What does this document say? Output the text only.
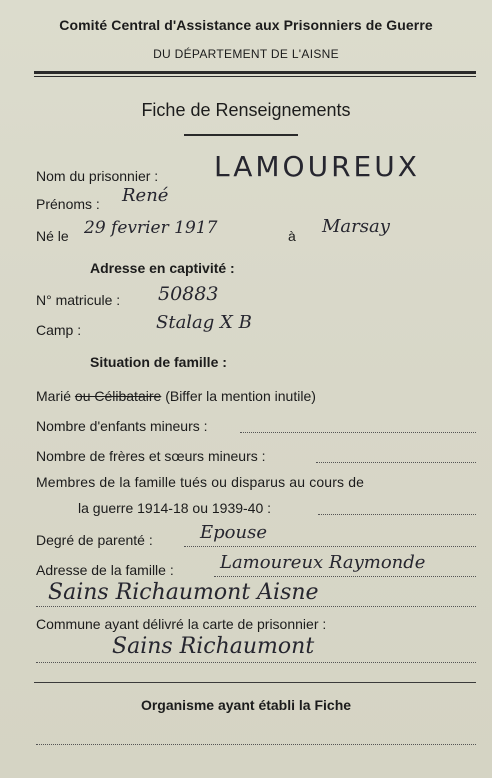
Comité Central d'Assistance aux Prisonniers de Guerre
DU DÉPARTEMENT DE L'AISNE
Fiche de Renseignements
Nom du prisonnier : LAMOUREUX
Prénoms : René
Né le 29 fevrier 1917	à Marsay
Adresse en captivité :
N° matricule : 50883
Camp :	Stalag X B
Situation de famille :
Marié ou Célibataire (Biffer la mention inutile)
Nombre d'enfants mineurs :
Nombre de frères et sœurs mineurs :
Membres de la famille tués ou disparus au cours de
la guerre 1914-18 ou 1939-40 :
Degré de parenté :	Epouse
Adresse de la famille :	Lamoureux Raymonde
Sains Richaumont Aisne
Commune ayant délivré la carte de prisonnier :
Sains Richaumont
Organisme ayant établi la Fiche
